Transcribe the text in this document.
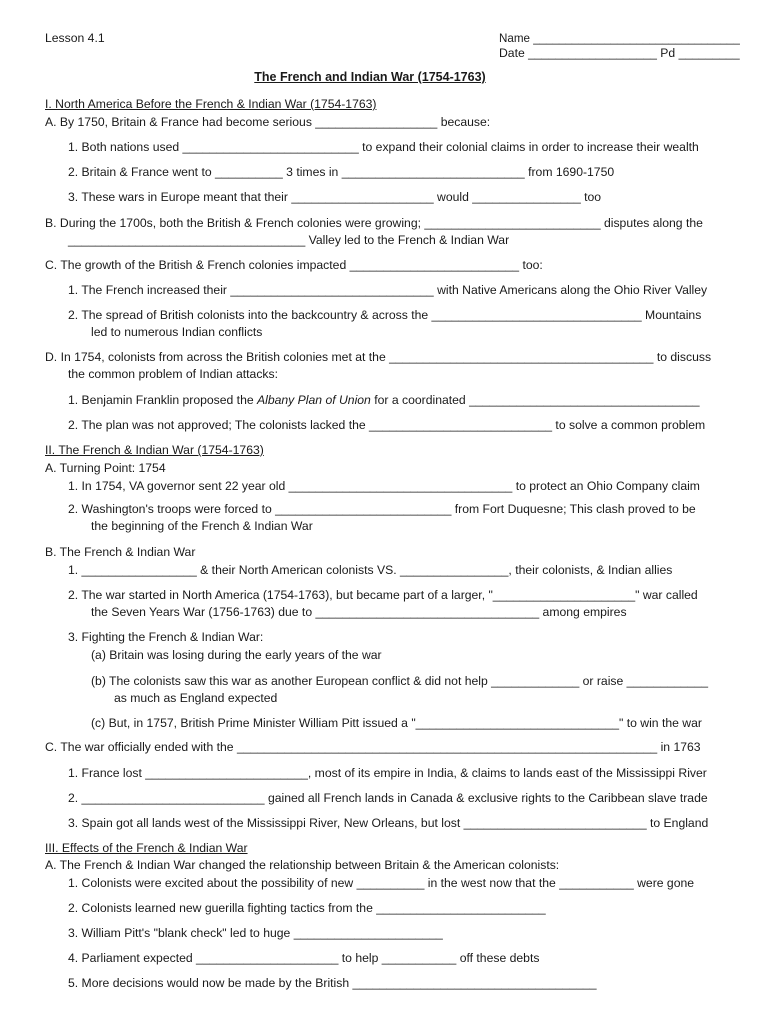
Lesson 4.1	Name ________________________________
Date ___________________ Pd _________
The French and Indian War (1754-1763)
I. North America Before the French & Indian War (1754-1763)
A. By 1750, Britain & France had become serious __________________ because:
1. Both nations used __________________________ to expand their colonial claims in order to increase their wealth
2. Britain & France went to __________ 3 times in ___________________________ from 1690-1750
3. These wars in Europe meant that their _____________________ would ________________ too
B. During the 1700s, both the British & French colonies were growing; __________________________ disputes along the
___________________________________ Valley led to the French & Indian War
C. The growth of the British & French colonies impacted _________________________ too:
1. The French increased their ______________________________ with Native Americans along the Ohio River Valley
2. The spread of British colonists into the backcountry & across the _______________________________ Mountains
led to numerous Indian conflicts
D. In 1754, colonists from across the British colonies met at the _______________________________________ to discuss
the common problem of Indian attacks:
1. Benjamin Franklin proposed the Albany Plan of Union for a coordinated __________________________________
2. The plan was not approved; The colonists lacked the ___________________________ to solve a common problem
II. The French & Indian War (1754-1763)
A. Turning Point: 1754
1. In 1754, VA governor sent 22 year old _________________________________ to protect an Ohio Company claim
2. Washington's troops were forced to __________________________ from Fort Duquesne; This clash proved to be
the beginning of the French & Indian War
B. The French & Indian War
1. _________________ & their North American colonists VS. ________________, their colonists, & Indian allies
2. The war started in North America (1754-1763), but became part of a larger, "_____________________" war called
the Seven Years War (1756-1763) due to _________________________________ among empires
3. Fighting the French & Indian War:
(a) Britain was losing during the early years of the war
(b) The colonists saw this war as another European conflict & did not help _____________ or raise ____________
as much as England expected
(c) But, in 1757, British Prime Minister William Pitt issued a "______________________________" to win the war
C. The war officially ended with the ______________________________________________________________ in 1763
1. France lost ________________________, most of its empire in India, & claims to lands east of the Mississippi River
2. ___________________________ gained all French lands in Canada & exclusive rights to the Caribbean slave trade
3. Spain got all lands west of the Mississippi River, New Orleans, but lost ___________________________ to England
III. Effects of the French & Indian War
A. The French & Indian War changed the relationship between Britain & the American colonists:
1. Colonists were excited about the possibility of new __________ in the west now that the ___________ were gone
2. Colonists learned new guerilla fighting tactics from the _________________________
3. William Pitt's "blank check" led to huge ______________________
4. Parliament expected _____________________ to help ___________ off these debts
5. More decisions would now be made by the British ____________________________________
